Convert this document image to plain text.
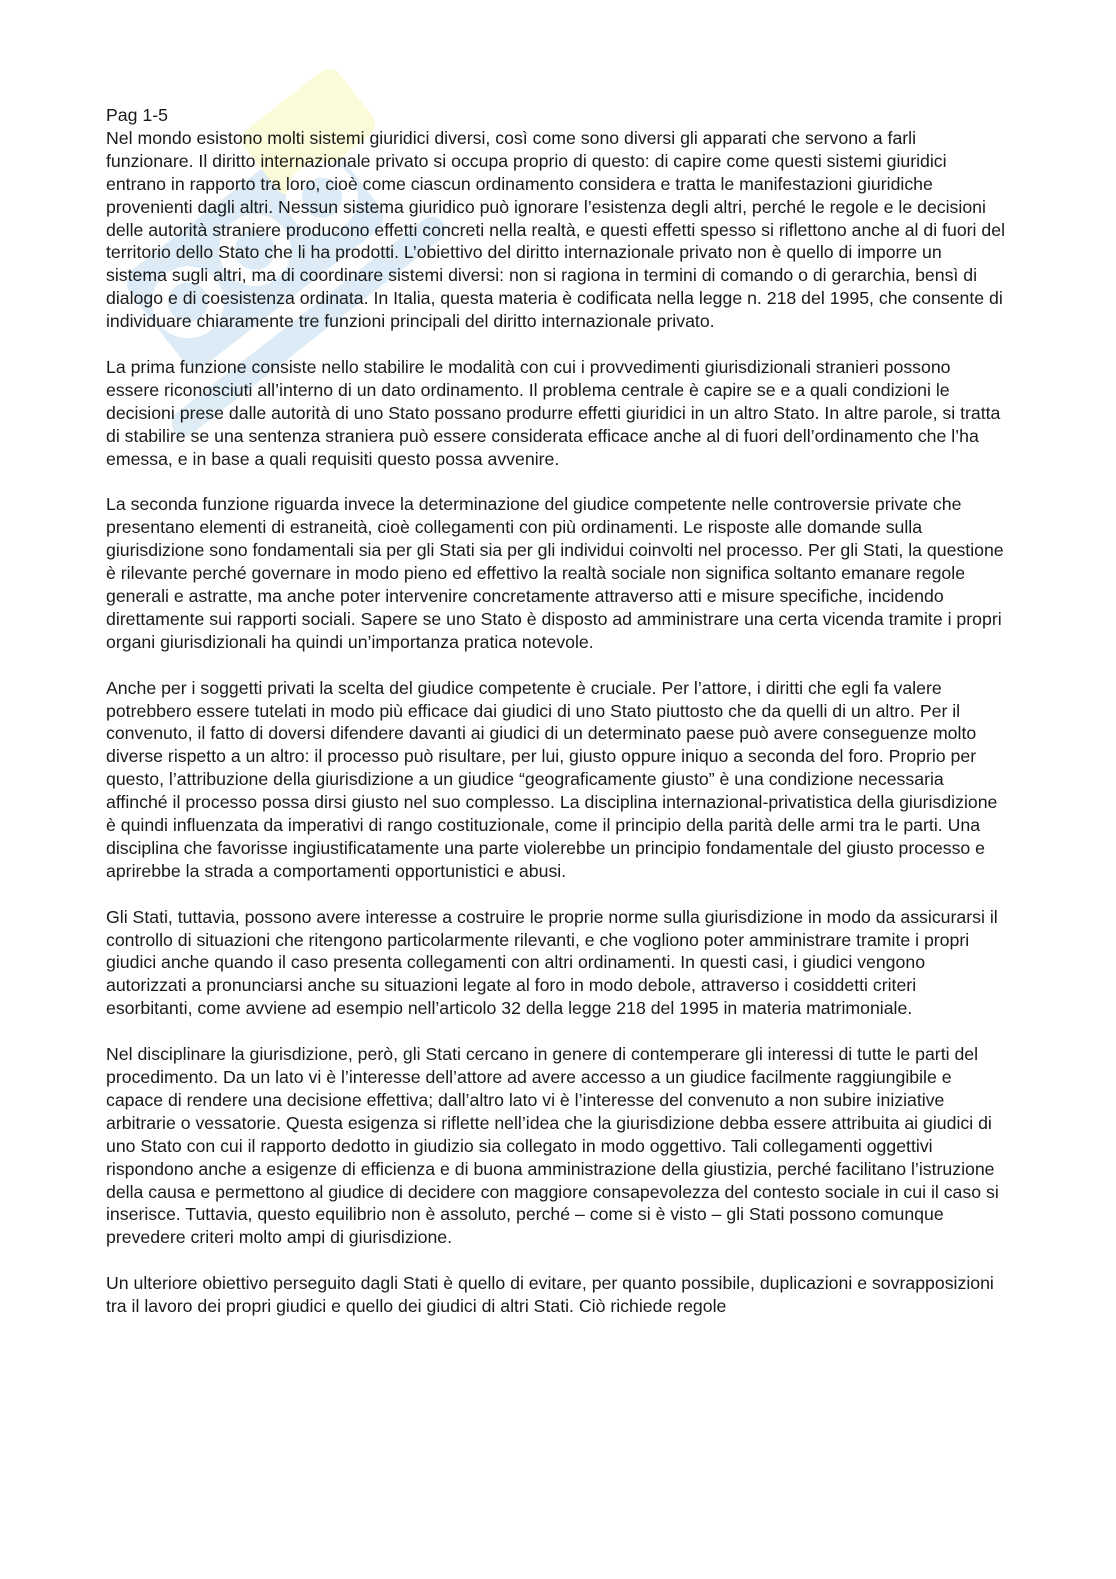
Pag 1-5

Nel mondo esistono molti sistemi giuridici diversi, così come sono diversi gli apparati che servono a farli funzionare. Il diritto internazionale privato si occupa proprio di questo: di capire come questi sistemi giuridici entrano in rapporto tra loro, cioè come ciascun ordinamento considera e tratta le manifestazioni giuridiche provenienti dagli altri. Nessun sistema giuridico può ignorare l’esistenza degli altri, perché le regole e le decisioni delle autorità straniere producono effetti concreti nella realtà, e questi effetti spesso si riflettono anche al di fuori del territorio dello Stato che li ha prodotti. L’obiettivo del diritto internazionale privato non è quello di imporre un sistema sugli altri, ma di coordinare sistemi diversi: non si ragiona in termini di comando o di gerarchia, bensì di dialogo e di coesistenza ordinata. In Italia, questa materia è codificata nella legge n. 218 del 1995, che consente di individuare chiaramente tre funzioni principali del diritto internazionale privato.

La prima funzione consiste nello stabilire le modalità con cui i provvedimenti giurisdizionali stranieri possono essere riconosciuti all’interno di un dato ordinamento. Il problema centrale è capire se e a quali condizioni le decisioni prese dalle autorità di uno Stato possano produrre effetti giuridici in un altro Stato. In altre parole, si tratta di stabilire se una sentenza straniera può essere considerata efficace anche al di fuori dell’ordinamento che l’ha emessa, e in base a quali requisiti questo possa avvenire.

La seconda funzione riguarda invece la determinazione del giudice competente nelle controversie private che presentano elementi di estraneità, cioè collegamenti con più ordinamenti. Le risposte alle domande sulla giurisdizione sono fondamentali sia per gli Stati sia per gli individui coinvolti nel processo. Per gli Stati, la questione è rilevante perché governare in modo pieno ed effettivo la realtà sociale non significa soltanto emanare regole generali e astratte, ma anche poter intervenire concretamente attraverso atti e misure specifiche, incidendo direttamente sui rapporti sociali. Sapere se uno Stato è disposto ad amministrare una certa vicenda tramite i propri organi giurisdizionali ha quindi un’importanza pratica notevole.

Anche per i soggetti privati la scelta del giudice competente è cruciale. Per l’attore, i diritti che egli fa valere potrebbero essere tutelati in modo più efficace dai giudici di uno Stato piuttosto che da quelli di un altro. Per il convenuto, il fatto di doversi difendere davanti ai giudici di un determinato paese può avere conseguenze molto diverse rispetto a un altro: il processo può risultare, per lui, giusto oppure iniquo a seconda del foro. Proprio per questo, l’attribuzione della giurisdizione a un giudice “geograficamente giusto” è una condizione necessaria affinché il processo possa dirsi giusto nel suo complesso. La disciplina internazional-privatistica della giurisdizione è quindi influenzata da imperativi di rango costituzionale, come il principio della parità delle armi tra le parti. Una disciplina che favorisse ingiustificatamente una parte violerebbe un principio fondamentale del giusto processo e aprirebbe la strada a comportamenti opportunistici e abusi.

Gli Stati, tuttavia, possono avere interesse a costruire le proprie norme sulla giurisdizione in modo da assicurarsi il controllo di situazioni che ritengono particolarmente rilevanti, e che vogliono poter amministrare tramite i propri giudici anche quando il caso presenta collegamenti con altri ordinamenti. In questi casi, i giudici vengono autorizzati a pronunciarsi anche su situazioni legate al foro in modo debole, attraverso i cosiddetti criteri esorbitanti, come avviene ad esempio nell’articolo 32 della legge 218 del 1995 in materia matrimoniale.

Nel disciplinare la giurisdizione, però, gli Stati cercano in genere di contemperare gli interessi di tutte le parti del procedimento. Da un lato vi è l’interesse dell’attore ad avere accesso a un giudice facilmente raggiungibile e capace di rendere una decisione effettiva; dall’altro lato vi è l’interesse del convenuto a non subire iniziative arbitrarie o vessatorie. Questa esigenza si riflette nell’idea che la giurisdizione debba essere attribuita ai giudici di uno Stato con cui il rapporto dedotto in giudizio sia collegato in modo oggettivo. Tali collegamenti oggettivi rispondono anche a esigenze di efficienza e di buona amministrazione della giustizia, perché facilitano l’istruzione della causa e permettono al giudice di decidere con maggiore consapevolezza del contesto sociale in cui il caso si inserisce. Tuttavia, questo equilibrio non è assoluto, perché – come si è visto – gli Stati possono comunque prevedere criteri molto ampi di giurisdizione.

Un ulteriore obiettivo perseguito dagli Stati è quello di evitare, per quanto possibile, duplicazioni e sovrapposizioni tra il lavoro dei propri giudici e quello dei giudici di altri Stati. Ciò richiede regole
